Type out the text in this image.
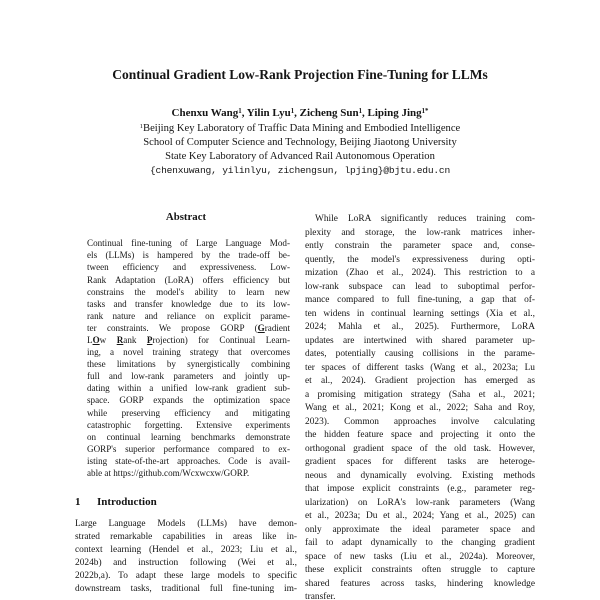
Continual Gradient Low-Rank Projection Fine-Tuning for LLMs
Chenxu Wang$^1$, Yilin Lyu$^1$, Zicheng Sun$^1$, Liping Jing$^{1*}$
$^1$Beijing Key Laboratory of Traffic Data Mining and Embodied Intelligence
School of Computer Science and Technology, Beijing Jiaotong University
State Key Laboratory of Advanced Rail Autonomous Operation
{chenxuwang, yilinlyu, zichengsun, lpjing}@bjtu.edu.cn
Abstract
Continual fine-tuning of Large Language Mod-
els (LLMs) is hampered by the trade-off be-
tween efficiency and expressiveness. Low-
Rank Adaptation (LoRA) offers efficiency but
constrains the model's ability to learn new
tasks and transfer knowledge due to its low-
rank nature and reliance on explicit parame-
ter constraints. We propose GORP (Gradient
LOw Rank Projection) for Continual Learn-
ing, a novel training strategy that overcomes
these limitations by synergistically combining
full and low-rank parameters and jointly up-
dating within a unified low-rank gradient sub-
space. GORP expands the optimization space
while preserving efficiency and mitigating
catastrophic forgetting. Extensive experiments
on continual learning benchmarks demonstrate
GORP's superior performance compared to ex-
isting state-of-the-art approaches. Code is avail-
able at https://github.com/Wcxwcxw/GORP.
1 Introduction
Large Language Models (LLMs) have demon-
strated remarkable capabilities in areas like in-
context learning (Hendel et al., 2023; Liu et al.,
2024b) and instruction following (Wei et al.,
2022b,a). To adapt these large models to specific
downstream tasks, traditional full fine-tuning im-
While LoRA significantly reduces training com-
plexity and storage, the low-rank matrices inher-
ently constrain the parameter space and, conse-
quently, the model's expressiveness during opti-
mization (Zhao et al., 2024). This restriction to a
low-rank subspace can lead to suboptimal perfor-
mance compared to full fine-tuning, a gap that of-
ten widens in continual learning settings (Xia et al.,
2024; Mahla et al., 2025). Furthermore, LoRA
updates are intertwined with shared parameter up-
dates, potentially causing collisions in the parame-
ter spaces of different tasks (Wang et al., 2023a; Lu
et al., 2024). Gradient projection has emerged as
a promising mitigation strategy (Saha et al., 2021;
Wang et al., 2021; Kong et al., 2022; Saha and Roy,
2023). Common approaches involve calculating
the hidden feature space and projecting it onto the
orthogonal gradient space of the old task. However,
gradient spaces for different tasks are heteroge-
neous and dynamically evolving. Existing methods
that impose explicit constraints (e.g., parameter reg-
ularization) on LoRA's low-rank parameters (Wang
et al., 2023a; Du et al., 2024; Yang et al., 2025) can
only approximate the ideal parameter space and
fail to adapt dynamically to the changing gradient
space of new tasks (Liu et al., 2024a). Moreover,
these explicit constraints often struggle to capture
shared features across tasks, hindering knowledge
transfer.
